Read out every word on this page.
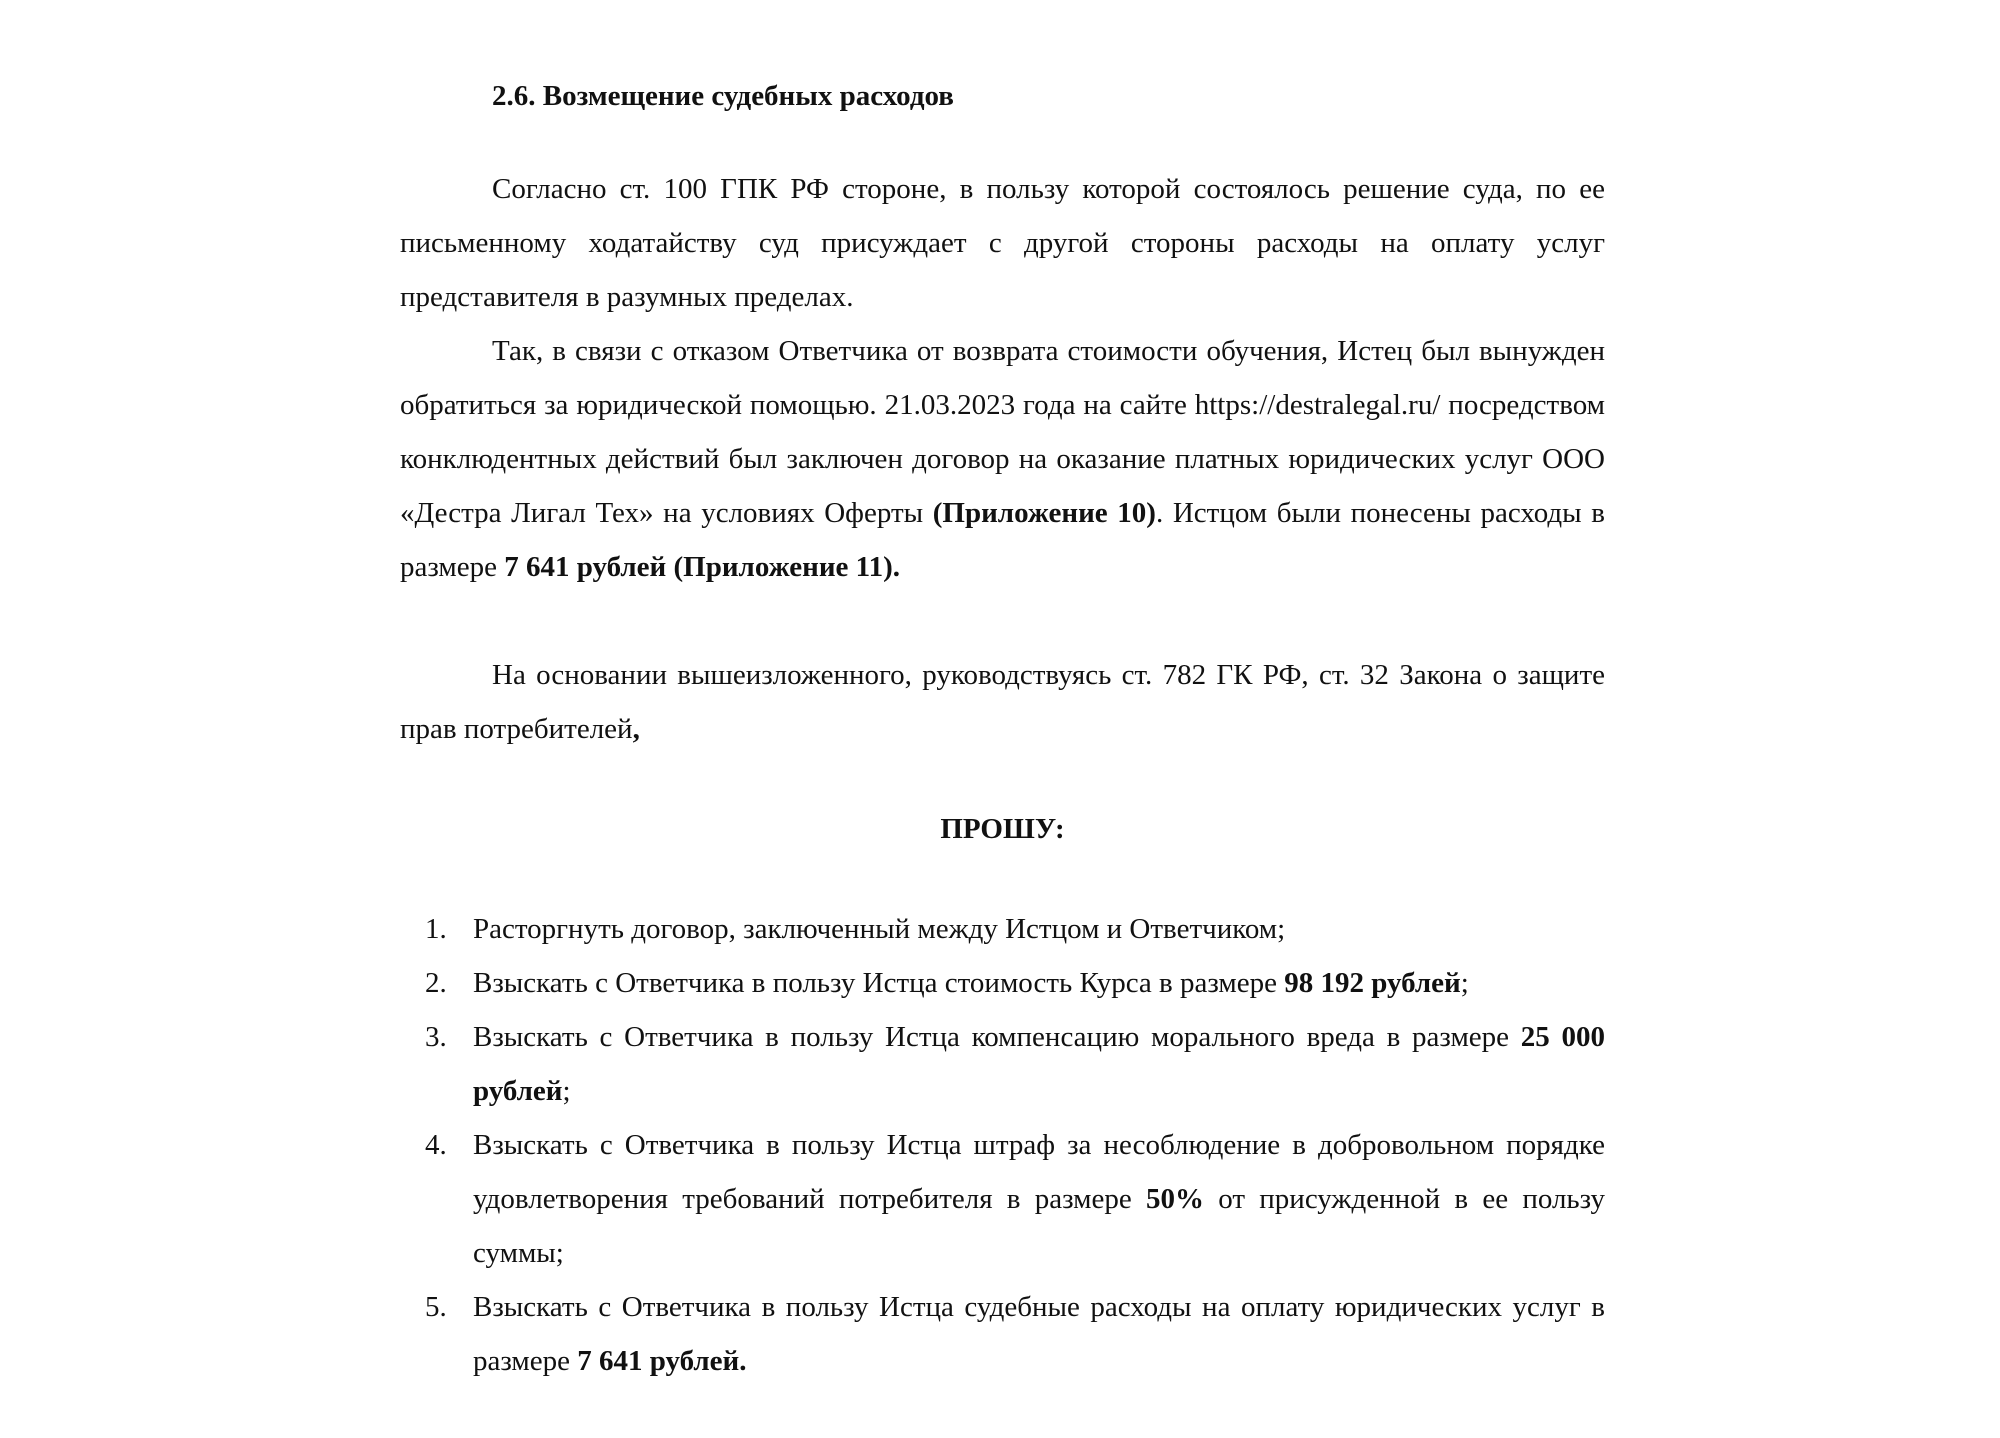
2.6. Возмещение судебных расходов

Согласно ст. 100 ГПК РФ стороне, в пользу которой состоялось решение суда, по ее письменному ходатайству суд присуждает с другой стороны расходы на оплату услуг представителя в разумных пределах.

Так, в связи с отказом Ответчика от возврата стоимости обучения, Истец был вынужден обратиться за юридической помощью. 21.03.2023 года на сайте https://destralegal.ru/ посредством конклюдентных действий был заключен договор на оказание платных юридических услуг ООО «Дестра Лигал Тех» на условиях Оферты (Приложение 10). Истцом были понесены расходы в размере 7 641 рублей (Приложение 11).

На основании вышеизложенного, руководствуясь ст. 782 ГК РФ, ст. 32 Закона о защите прав потребителей,

ПРОШУ:
1. Расторгнуть договор, заключенный между Истцом и Ответчиком;
2. Взыскать с Ответчика в пользу Истца стоимость Курса в размере 98 192 рублей;
3. Взыскать с Ответчика в пользу Истца компенсацию морального вреда в размере 25 000 рублей;
4. Взыскать с Ответчика в пользу Истца штраф за несоблюдение в добровольном порядке удовлетворения требований потребителя в размере 50% от присужденной в ее пользу суммы;
5. Взыскать с Ответчика в пользу Истца судебные расходы на оплату юридических услуг в размере 7 641 рублей.
